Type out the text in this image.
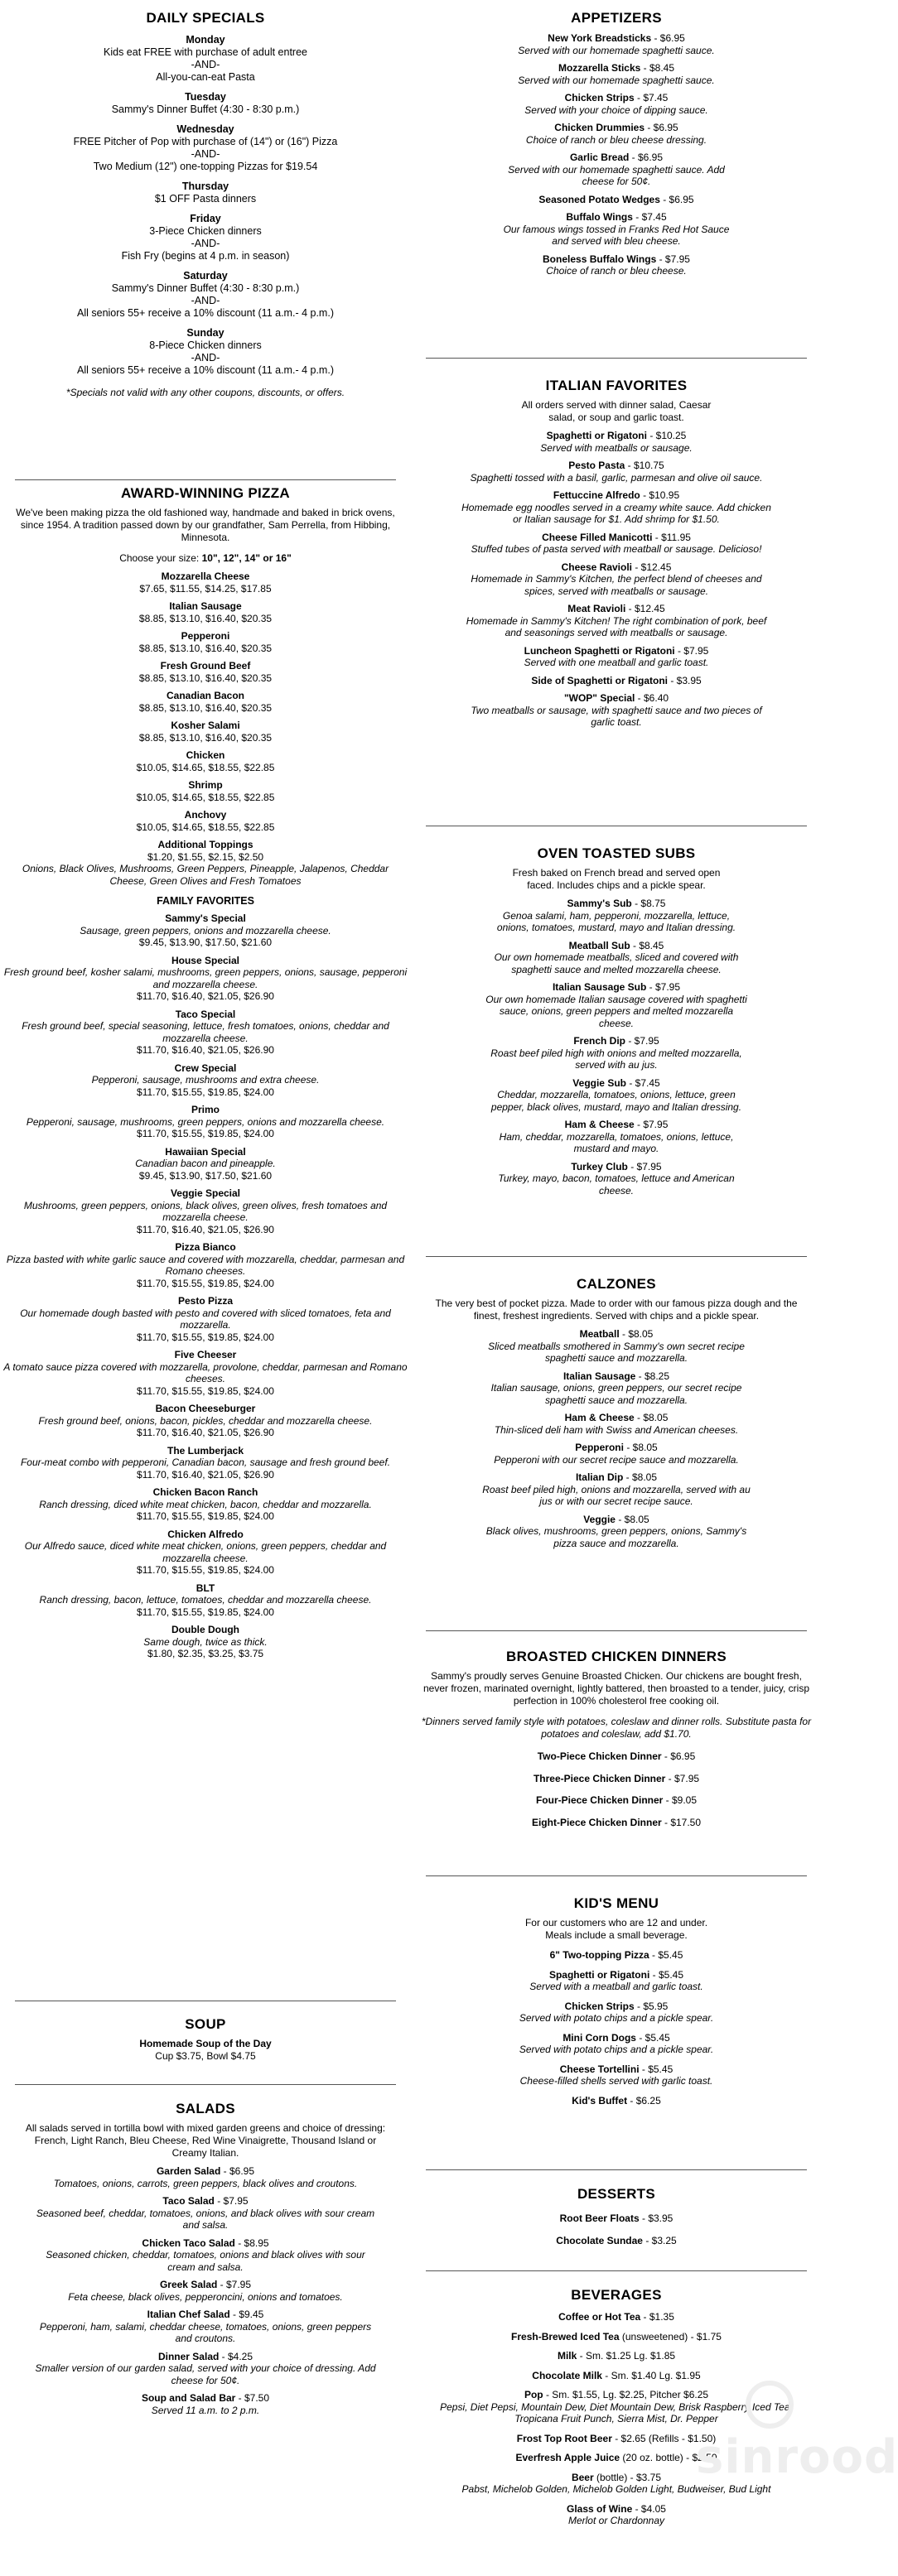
DAILY SPECIALS
Monday
Kids eat FREE with purchase of adult entree
-AND-
All-you-can-eat Pasta
Tuesday
Sammy's Dinner Buffet (4:30 - 8:30 p.m.)
Wednesday
FREE Pitcher of Pop with purchase of (14") or (16") Pizza
-AND-
Two Medium (12") one-topping Pizzas for $19.54
Thursday
$1 OFF Pasta dinners
Friday
3-Piece Chicken dinners
-AND-
Fish Fry (begins at 4 p.m. in season)
Saturday
Sammy's Dinner Buffet (4:30 - 8:30 p.m.)
-AND-
All seniors 55+ receive a 10% discount (11 a.m.- 4 p.m.)
Sunday
8-Piece Chicken dinners
-AND-
All seniors 55+ receive a 10% discount (11 a.m.- 4 p.m.)
*Specials not valid with any other coupons, discounts, or offers.
AWARD-WINNING PIZZA
We've been making pizza the old fashioned way, handmade and baked in brick ovens, since 1954. A tradition passed down by our grandfather, Sam Perrella, from Hibbing, Minnesota.
Choose your size: 10", 12", 14" or 16"
Mozzarella Cheese
$7.65, $11.55, $14.25, $17.85
Italian Sausage
$8.85, $13.10, $16.40, $20.35
Pepperoni
$8.85, $13.10, $16.40, $20.35
Fresh Ground Beef
$8.85, $13.10, $16.40, $20.35
Canadian Bacon
$8.85, $13.10, $16.40, $20.35
Kosher Salami
$8.85, $13.10, $16.40, $20.35
Chicken
$10.05, $14.65, $18.55, $22.85
Shrimp
$10.05, $14.65, $18.55, $22.85
Anchovy
$10.05, $14.65, $18.55, $22.85
Additional Toppings
$1.20, $1.55, $2.15, $2.50
Onions, Black Olives, Mushrooms, Green Peppers, Pineapple, Jalapenos, Cheddar Cheese, Green Olives and Fresh Tomatoes
FAMILY FAVORITES
Sammy's Special
Sausage, green peppers, onions and mozzarella cheese.
$9.45, $13.90, $17.50, $21.60
House Special
Fresh ground beef, kosher salami, mushrooms, green peppers, onions, sausage, pepperoni and mozzarella cheese.
$11.70, $16.40, $21.05, $26.90
Taco Special
Fresh ground beef, special seasoning, lettuce, fresh tomatoes, onions, cheddar and mozzarella cheese.
$11.70, $16.40, $21.05, $26.90
Crew Special
Pepperoni, sausage, mushrooms and extra cheese.
$11.70, $15.55, $19.85, $24.00
Primo
Pepperoni, sausage, mushrooms, green peppers, onions and mozzarella cheese.
$11.70, $15.55, $19.85, $24.00
Hawaiian Special
Canadian bacon and pineapple.
$9.45, $13.90, $17.50, $21.60
Veggie Special
Mushrooms, green peppers, onions, black olives, green olives, fresh tomatoes and mozzarella cheese.
$11.70, $16.40, $21.05, $26.90
Pizza Bianco
Pizza basted with white garlic sauce and covered with mozzarella, cheddar, parmesan and Romano cheeses.
$11.70, $15.55, $19.85, $24.00
Pesto Pizza
Our homemade dough basted with pesto and covered with sliced tomatoes, feta and mozzarella.
$11.70, $15.55, $19.85, $24.00
Five Cheeser
A tomato sauce pizza covered with mozzarella, provolone, cheddar, parmesan and Romano cheeses.
$11.70, $15.55, $19.85, $24.00
Bacon Cheeseburger
Fresh ground beef, onions, bacon, pickles, cheddar and mozzarella cheese.
$11.70, $16.40, $21.05, $26.90
The Lumberjack
Four-meat combo with pepperoni, Canadian bacon, sausage and fresh ground beef.
$11.70, $16.40, $21.05, $26.90
Chicken Bacon Ranch
Ranch dressing, diced white meat chicken, bacon, cheddar and mozzarella.
$11.70, $15.55, $19.85, $24.00
Chicken Alfredo
Our Alfredo sauce, diced white meat chicken, onions, green peppers, cheddar and mozzarella cheese.
$11.70, $15.55, $19.85, $24.00
BLT
Ranch dressing, bacon, lettuce, tomatoes, cheddar and mozzarella cheese.
$11.70, $15.55, $19.85, $24.00
Double Dough
Same dough, twice as thick.
$1.80, $2.35, $3.25, $3.75
SOUP
Homemade Soup of the Day
Cup $3.75, Bowl $4.75
SALADS
All salads served in tortilla bowl with mixed garden greens and choice of dressing: French, Light Ranch, Bleu Cheese, Red Wine Vinaigrette, Thousand Island or Creamy Italian.
Garden Salad - $6.95
Tomatoes, onions, carrots, green peppers, black olives and croutons.
Taco Salad - $7.95
Seasoned beef, cheddar, tomatoes, onions, and black olives with sour cream and salsa.
Chicken Taco Salad - $8.95
Seasoned chicken, cheddar, tomatoes, onions and black olives with sour cream and salsa.
Greek Salad - $7.95
Feta cheese, black olives, pepperoncini, onions and tomatoes.
Italian Chef Salad - $9.45
Pepperoni, ham, salami, cheddar cheese, tomatoes, onions, green peppers and croutons.
Dinner Salad - $4.25
Smaller version of our garden salad, served with your choice of dressing. Add cheese for 50¢.
Soup and Salad Bar - $7.50
Served 11 a.m. to 2 p.m.
APPETIZERS
New York Breadsticks - $6.95
Served with our homemade spaghetti sauce.
Mozzarella Sticks - $8.45
Served with our homemade spaghetti sauce.
Chicken Strips - $7.45
Served with your choice of dipping sauce.
Chicken Drummies - $6.95
Choice of ranch or bleu cheese dressing.
Garlic Bread - $6.95
Served with our homemade spaghetti sauce. Add cheese for 50¢.
Seasoned Potato Wedges - $6.95
Buffalo Wings - $7.45
Our famous wings tossed in Franks Red Hot Sauce and served with bleu cheese.
Boneless Buffalo Wings - $7.95
Choice of ranch or bleu cheese.
ITALIAN FAVORITES
All orders served with dinner salad, Caesar salad, or soup and garlic toast.
Spaghetti or Rigatoni - $10.25
Served with meatballs or sausage.
Pesto Pasta - $10.75
Spaghetti tossed with a basil, garlic, parmesan and olive oil sauce.
Fettuccine Alfredo - $10.95
Homemade egg noodles served in a creamy white sauce. Add chicken or Italian sausage for $1. Add shrimp for $1.50.
Cheese Filled Manicotti - $11.95
Stuffed tubes of pasta served with meatball or sausage. Delicioso!
Cheese Ravioli - $12.45
Homemade in Sammy's Kitchen, the perfect blend of cheeses and spices, served with meatballs or sausage.
Meat Ravioli - $12.45
Homemade in Sammy's Kitchen! The right combination of pork, beef and seasonings served with meatballs or sausage.
Luncheon Spaghetti or Rigatoni - $7.95
Served with one meatball and garlic toast.
Side of Spaghetti or Rigatoni - $3.95
"WOP" Special - $6.40
Two meatballs or sausage, with spaghetti sauce and two pieces of garlic toast.
OVEN TOASTED SUBS
Fresh baked on French bread and served open faced. Includes chips and a pickle spear.
Sammy's Sub - $8.75
Genoa salami, ham, pepperoni, mozzarella, lettuce, onions, tomatoes, mustard, mayo and Italian dressing.
Meatball Sub - $8.45
Our own homemade meatballs, sliced and covered with spaghetti sauce and melted mozzarella cheese.
Italian Sausage Sub - $7.95
Our own homemade Italian sausage covered with spaghetti sauce, onions, green peppers and melted mozzarella cheese.
French Dip - $7.95
Roast beef piled high with onions and melted mozzarella, served with au jus.
Veggie Sub - $7.45
Cheddar, mozzarella, tomatoes, onions, lettuce, green pepper, black olives, mustard, mayo and Italian dressing.
Ham & Cheese - $7.95
Ham, cheddar, mozzarella, tomatoes, onions, lettuce, mustard and mayo.
Turkey Club - $7.95
Turkey, mayo, bacon, tomatoes, lettuce and American cheese.
CALZONES
The very best of pocket pizza. Made to order with our famous pizza dough and the finest, freshest ingredients. Served with chips and a pickle spear.
Meatball - $8.05
Sliced meatballs smothered in Sammy's own secret recipe spaghetti sauce and mozzarella.
Italian Sausage - $8.25
Italian sausage, onions, green peppers, our secret recipe spaghetti sauce and mozzarella.
Ham & Cheese - $8.05
Thin-sliced deli ham with Swiss and American cheeses.
Pepperoni - $8.05
Pepperoni with our secret recipe sauce and mozzarella.
Italian Dip - $8.05
Roast beef piled high, onions and mozzarella, served with au jus or with our secret recipe sauce.
Veggie - $8.05
Black olives, mushrooms, green peppers, onions, Sammy's pizza sauce and mozzarella.
BROASTED CHICKEN DINNERS
Sammy's proudly serves Genuine Broasted Chicken. Our chickens are bought fresh, never frozen, marinated overnight, lightly battered, then broasted to a tender, juicy, crisp perfection in 100% cholesterol free cooking oil.
*Dinners served family style with potatoes, coleslaw and dinner rolls. Substitute pasta for potatoes and coleslaw, add $1.70.
Two-Piece Chicken Dinner - $6.95
Three-Piece Chicken Dinner - $7.95
Four-Piece Chicken Dinner - $9.05
Eight-Piece Chicken Dinner - $17.50
KID'S MENU
For our customers who are 12 and under. Meals include a small beverage.
6" Two-topping Pizza - $5.45
Spaghetti or Rigatoni - $5.45
Served with a meatball and garlic toast.
Chicken Strips - $5.95
Served with potato chips and a pickle spear.
Mini Corn Dogs - $5.45
Served with potato chips and a pickle spear.
Cheese Tortellini - $5.45
Cheese-filled shells served with garlic toast.
Kid's Buffet - $6.25
DESSERTS
Root Beer Floats - $3.95
Chocolate Sundae - $3.25
BEVERAGES
Coffee or Hot Tea - $1.35
Fresh-Brewed Iced Tea (unsweetened) - $1.75
Milk - Sm. $1.25 Lg. $1.85
Chocolate Milk - Sm. $1.40 Lg. $1.95
Pop - Sm. $1.55, Lg. $2.25, Pitcher $6.25
Pepsi, Diet Pepsi, Mountain Dew, Diet Mountain Dew, Brisk Raspberry Iced Tea, Tropicana Fruit Punch, Sierra Mist, Dr. Pepper
Frost Top Root Beer - $2.65 (Refills - $1.50)
Everfresh Apple Juice (20 oz. bottle) - $2.50
Beer (bottle) - $3.75
Pabst, Michelob Golden, Michelob Golden Light, Budweiser, Bud Light
Glass of Wine - $4.05
Merlot or Chardonnay
sinrood
